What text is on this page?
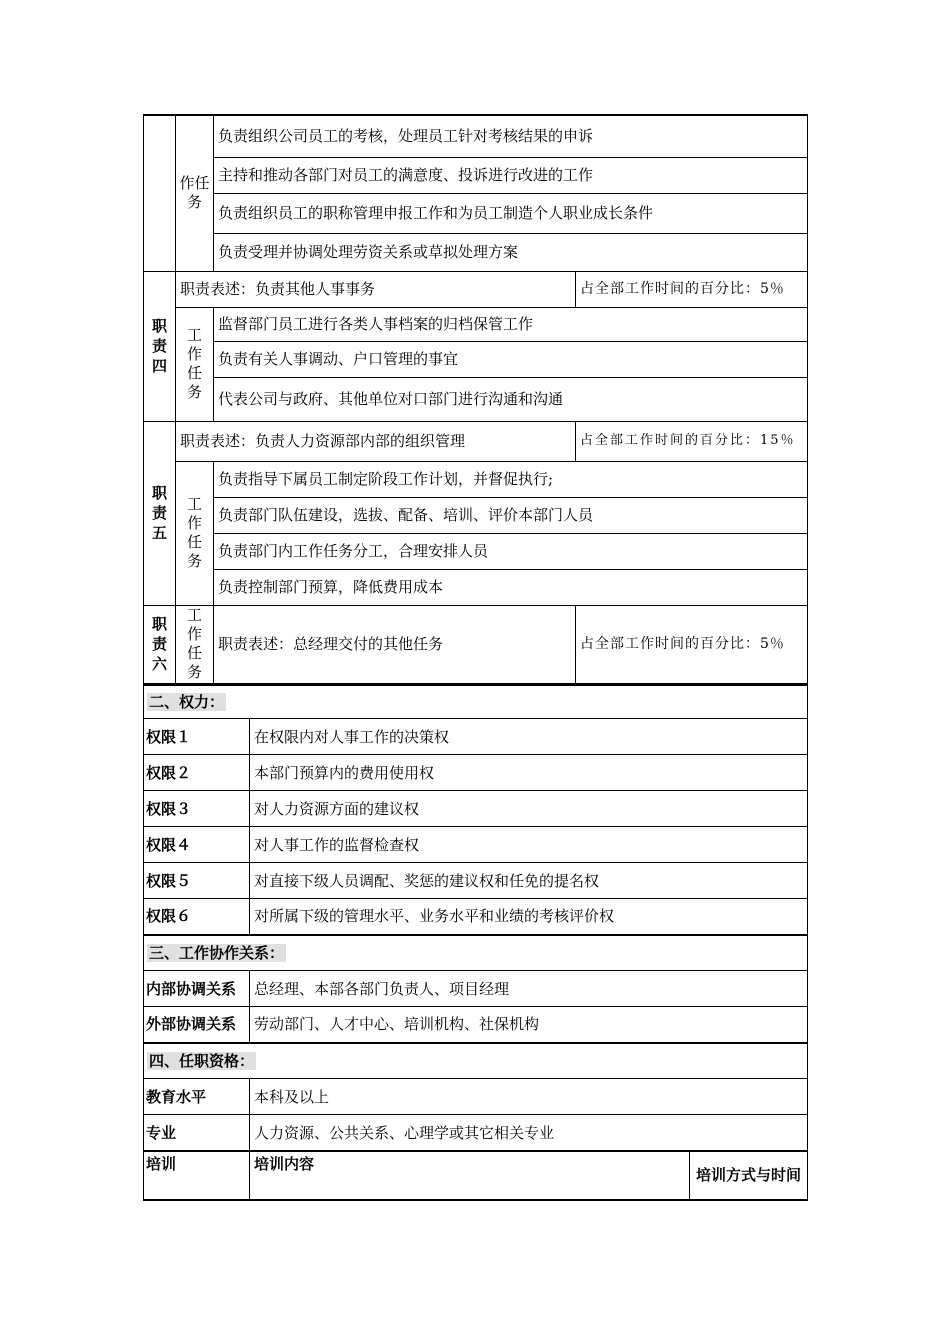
	作任务	负责组织公司员工的考核，处理员工针对考核结果的申诉	
		主持和推动各部门对员工的满意度、投诉进行改进的工作	
		负责组织员工的职称管理申报工作和为员工制造个人职业成长条件	
		负责受理并协调处理劳资关系或草拟处理方案	

职责四	职责表述：负责其他人事事务		占全部工作时间的百分比：5％

	工作任务	监督部门员工进行各类人事档案的归档保管工作	
		负责有关人事调动、户口管理的事宜	
		代表公司与政府、其他单位对口部门进行沟通和沟通	

职责五	职责表述：负责人力资源部内部的组织管理		占全部工作时间的百分比：15％

	工作任务	负责指导下属员工制定阶段工作计划，并督促执行;	
		负责部门队伍建设，选拔、配备、培训、评价本部门人员	
		负责部门内工作任务分工，合理安排人员	
		负责控制部门预算，降低费用成本	

职责六	工作任务	职责表述：总经理交付的其他任务	占全部工作时间的百分比：5％
二、权力：	
权限１	在权限内对人事工作的决策权
权限２	本部门预算内的费用使用权
权限３	对人力资源方面的建议权
权限４	对人事工作的监督检查权
权限５	对直接下级人员调配、奖惩的建议权和任免的提名权
权限６	对所属下级的管理水平、业务水平和业绩的考核评价权
三、工作协作关系：	
内部协调关系	总经理、本部各部门负责人、项目经理
外部协调关系	劳动部门、人才中心、培训机构、社保机构
四、任职资格：	
教育水平	本科及以上
专业	人力资源、公共关系、心理学或其它相关专业
培训	培训内容	培训方式与时间
